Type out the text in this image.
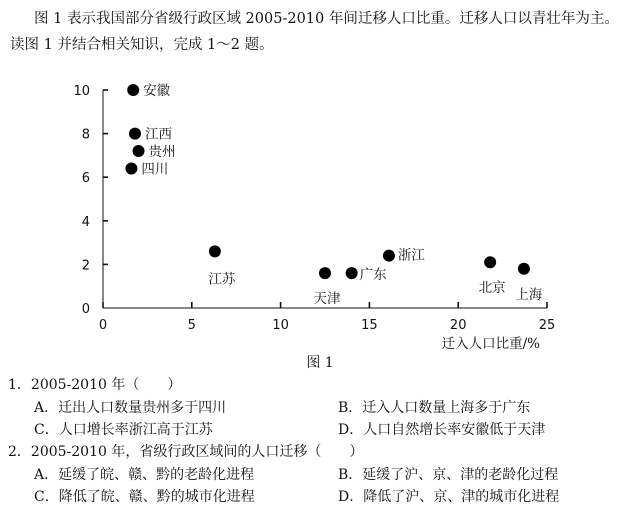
图 1 表示我国部分省级行政区域 2005-2010 年间迁移人口比重。迁移人口以青壮年为主。
读图 1 并结合相关知识，完成 1～2 题。
0	5	10	15	20	25
0
2
4
6
8
10
迁入人口比重/%
安徽
江西
贵州
四川
江苏
天津
广东
浙江
北京 上海
图 1
1．2005-2010 年（　　）
A．迁出人口数量贵州多于四川	B．迁入人口数量上海多于广东
C．人口增长率浙江高于江苏	D．人口自然增长率安徽低于天津
2．2005-2010 年，省级行政区域间的人口迁移（　　）
A．延缓了皖、赣、黔的老龄化进程	B．延缓了沪、京、津的老龄化过程
C．降低了皖、赣、黔的城市化进程	D．降低了沪、京、津的城市化进程
